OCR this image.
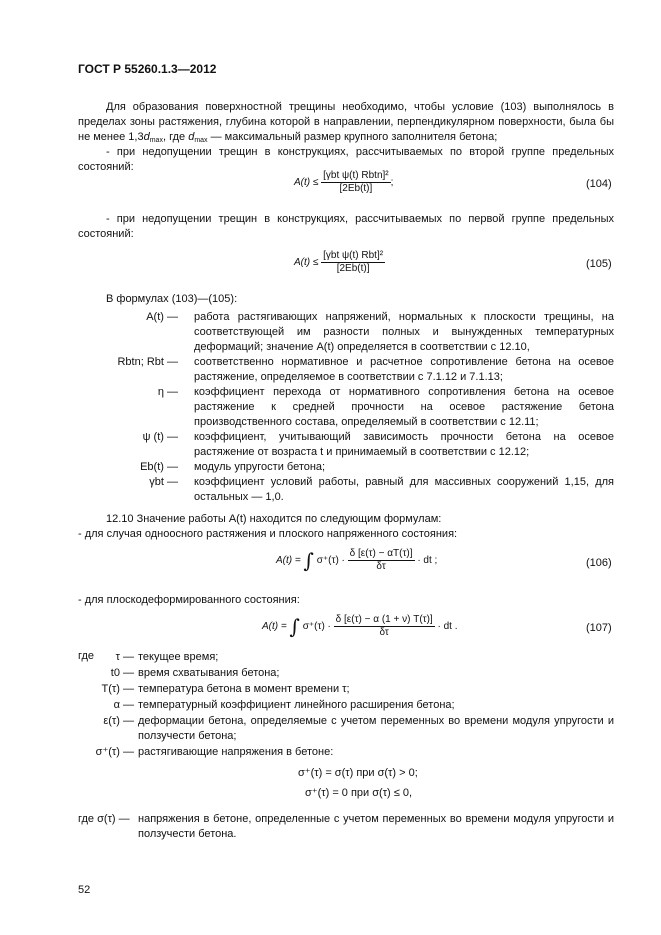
ГОСТ Р 55260.1.3—2012
Для образования поверхностной трещины необходимо, чтобы условие (103) выполнялось в пределах зоны растяжения, глубина которой в направлении, перпендикулярном поверхности, была бы не менее $1,3d_{max}$, где $d_{max}$ — максимальный размер крупного заполнителя бетона;
- при недопущении трещин в конструкциях, рассчитываемых по второй группе предельных состояний:
$A(t) \le \frac{\text{[γbt ψ(t) Rbtn]²}}{[2Eb(t)]}$ ;	(104)
- при недопущении трещин в конструкциях, рассчитываемых по первой группе предельных состояний:
$A(t) \le \frac{\text{[γbt ψ(t) Rbt]²}}{[2Eb(t)]}$	(105)
В формулах (103)—(105):
A(t) — работа растягивающих напряжений, нормальных к плоскости трещины, на соответствующей им разности полных и вынужденных температурных деформаций; значение A(t) определяется в соответствии с 12.10,
Rbtn; Rbt — соответственно нормативное и расчетное сопротивление бетона на осевое растяжение, определяемое в соответствии с 7.1.12 и 7.1.13;
η — коэффициент перехода от нормативного сопротивления бетона на осевое растяжение к средней прочности на осевое растяжение бетона производственного состава, определяемый в соответствии с 12.11;
ψ (t) — коэффициент, учитывающий зависимость прочности бетона на осевое растяжение от возраста t и принимаемый в соответствии с 12.12;
Eb(t) — модуль упругости бетона;
γbt — коэффициент условий работы, равный для массивных сооружений 1,15, для остальных — 1,0.
12.10 Значение работы A(t) находится по следующим формулам:
- для случая одноосного растяжения и плоского напряженного состояния:
A(t) = ∫ $\sigma^+(\tau) \cdot \frac{\delta [\varepsilon(\tau) - \alpha T(\tau)]}{\delta\tau}$ · dt ;	(106)
- для плоскодеформированного состояния:
A(t) = ∫ $\sigma^+(\tau) \cdot \frac{\delta [\varepsilon(\tau) - \alpha (1 + \nu) T(\tau)]}{\delta\tau}$ · dt .	(107)
где	τ — текущее время;
t0 — время схватывания бетона;
T(τ) — температура бетона в момент времени τ;
α — температурный коэффициент линейного расширения бетона;
ε(τ) — деформации бетона, определяемые с учетом переменных во времени модуля упругости и ползучести бетона;
σ⁺(τ) — растягивающие напряжения в бетоне:
σ⁺(τ) = σ(τ) при σ(τ) > 0;
σ⁺(τ) = 0 при σ(τ) ≤ 0,
где σ(τ) — напряжения в бетоне, определенные с учетом переменных во времени модуля упругости и ползучести бетона.
52
